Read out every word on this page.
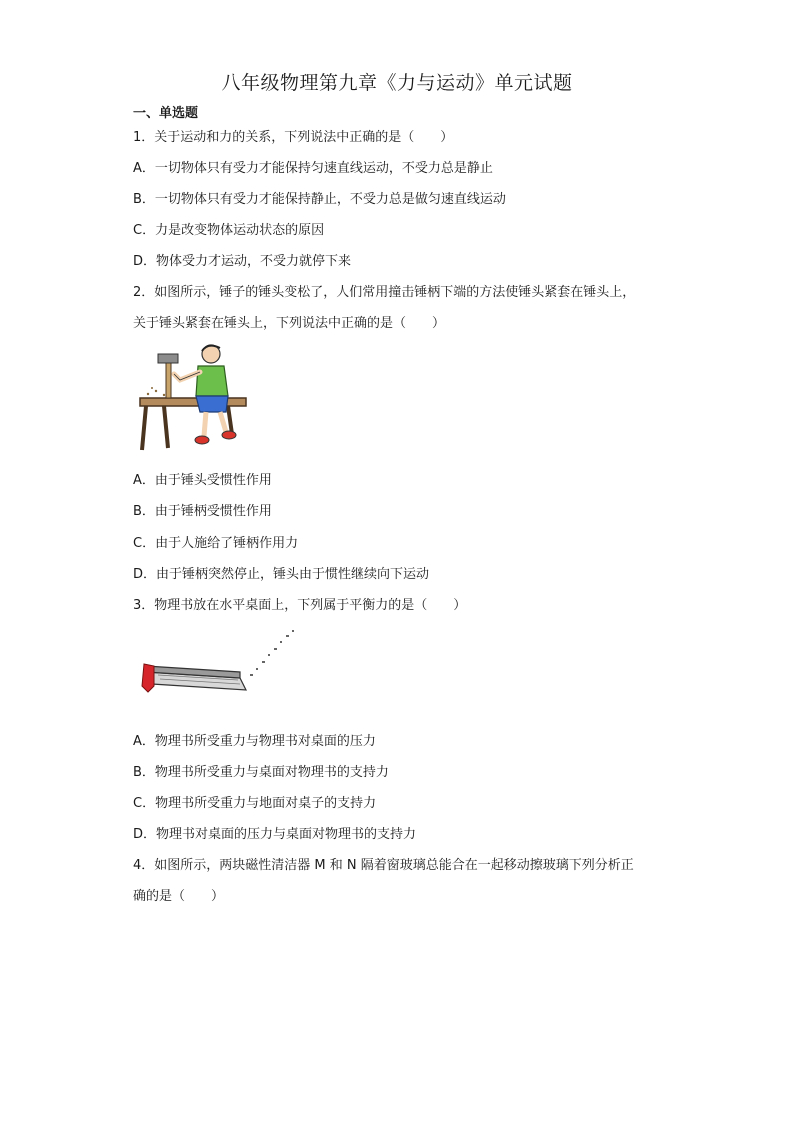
八年级物理第九章《力与运动》单元试题
一、单选题
1．关于运动和力的关系，下列说法中正确的是（　　）
A．一切物体只有受力才能保持匀速直线运动，不受力总是静止
B．一切物体只有受力才能保持静止，不受力总是做匀速直线运动
C．力是改变物体运动状态的原因
D．物体受力才运动，不受力就停下来
2．如图所示，锤子的锤头变松了，人们常用撞击锤柄下端的方法使锤头紧套在锤头上，
关于锤头紧套在锤头上，下列说法中正确的是（　　）
A．由于锤头受惯性作用
B．由于锤柄受惯性作用
C．由于人施给了锤柄作用力
D．由于锤柄突然停止，锤头由于惯性继续向下运动
3．物理书放在水平桌面上，下列属于平衡力的是（　　）
A．物理书所受重力与物理书对桌面的压力
B．物理书所受重力与桌面对物理书的支持力
C．物理书所受重力与地面对桌子的支持力
D．物理书对桌面的压力与桌面对物理书的支持力
4．如图所示，两块磁性清洁器 M 和 N 隔着窗玻璃总能合在一起移动擦玻璃下列分析正
确的是（　　）
